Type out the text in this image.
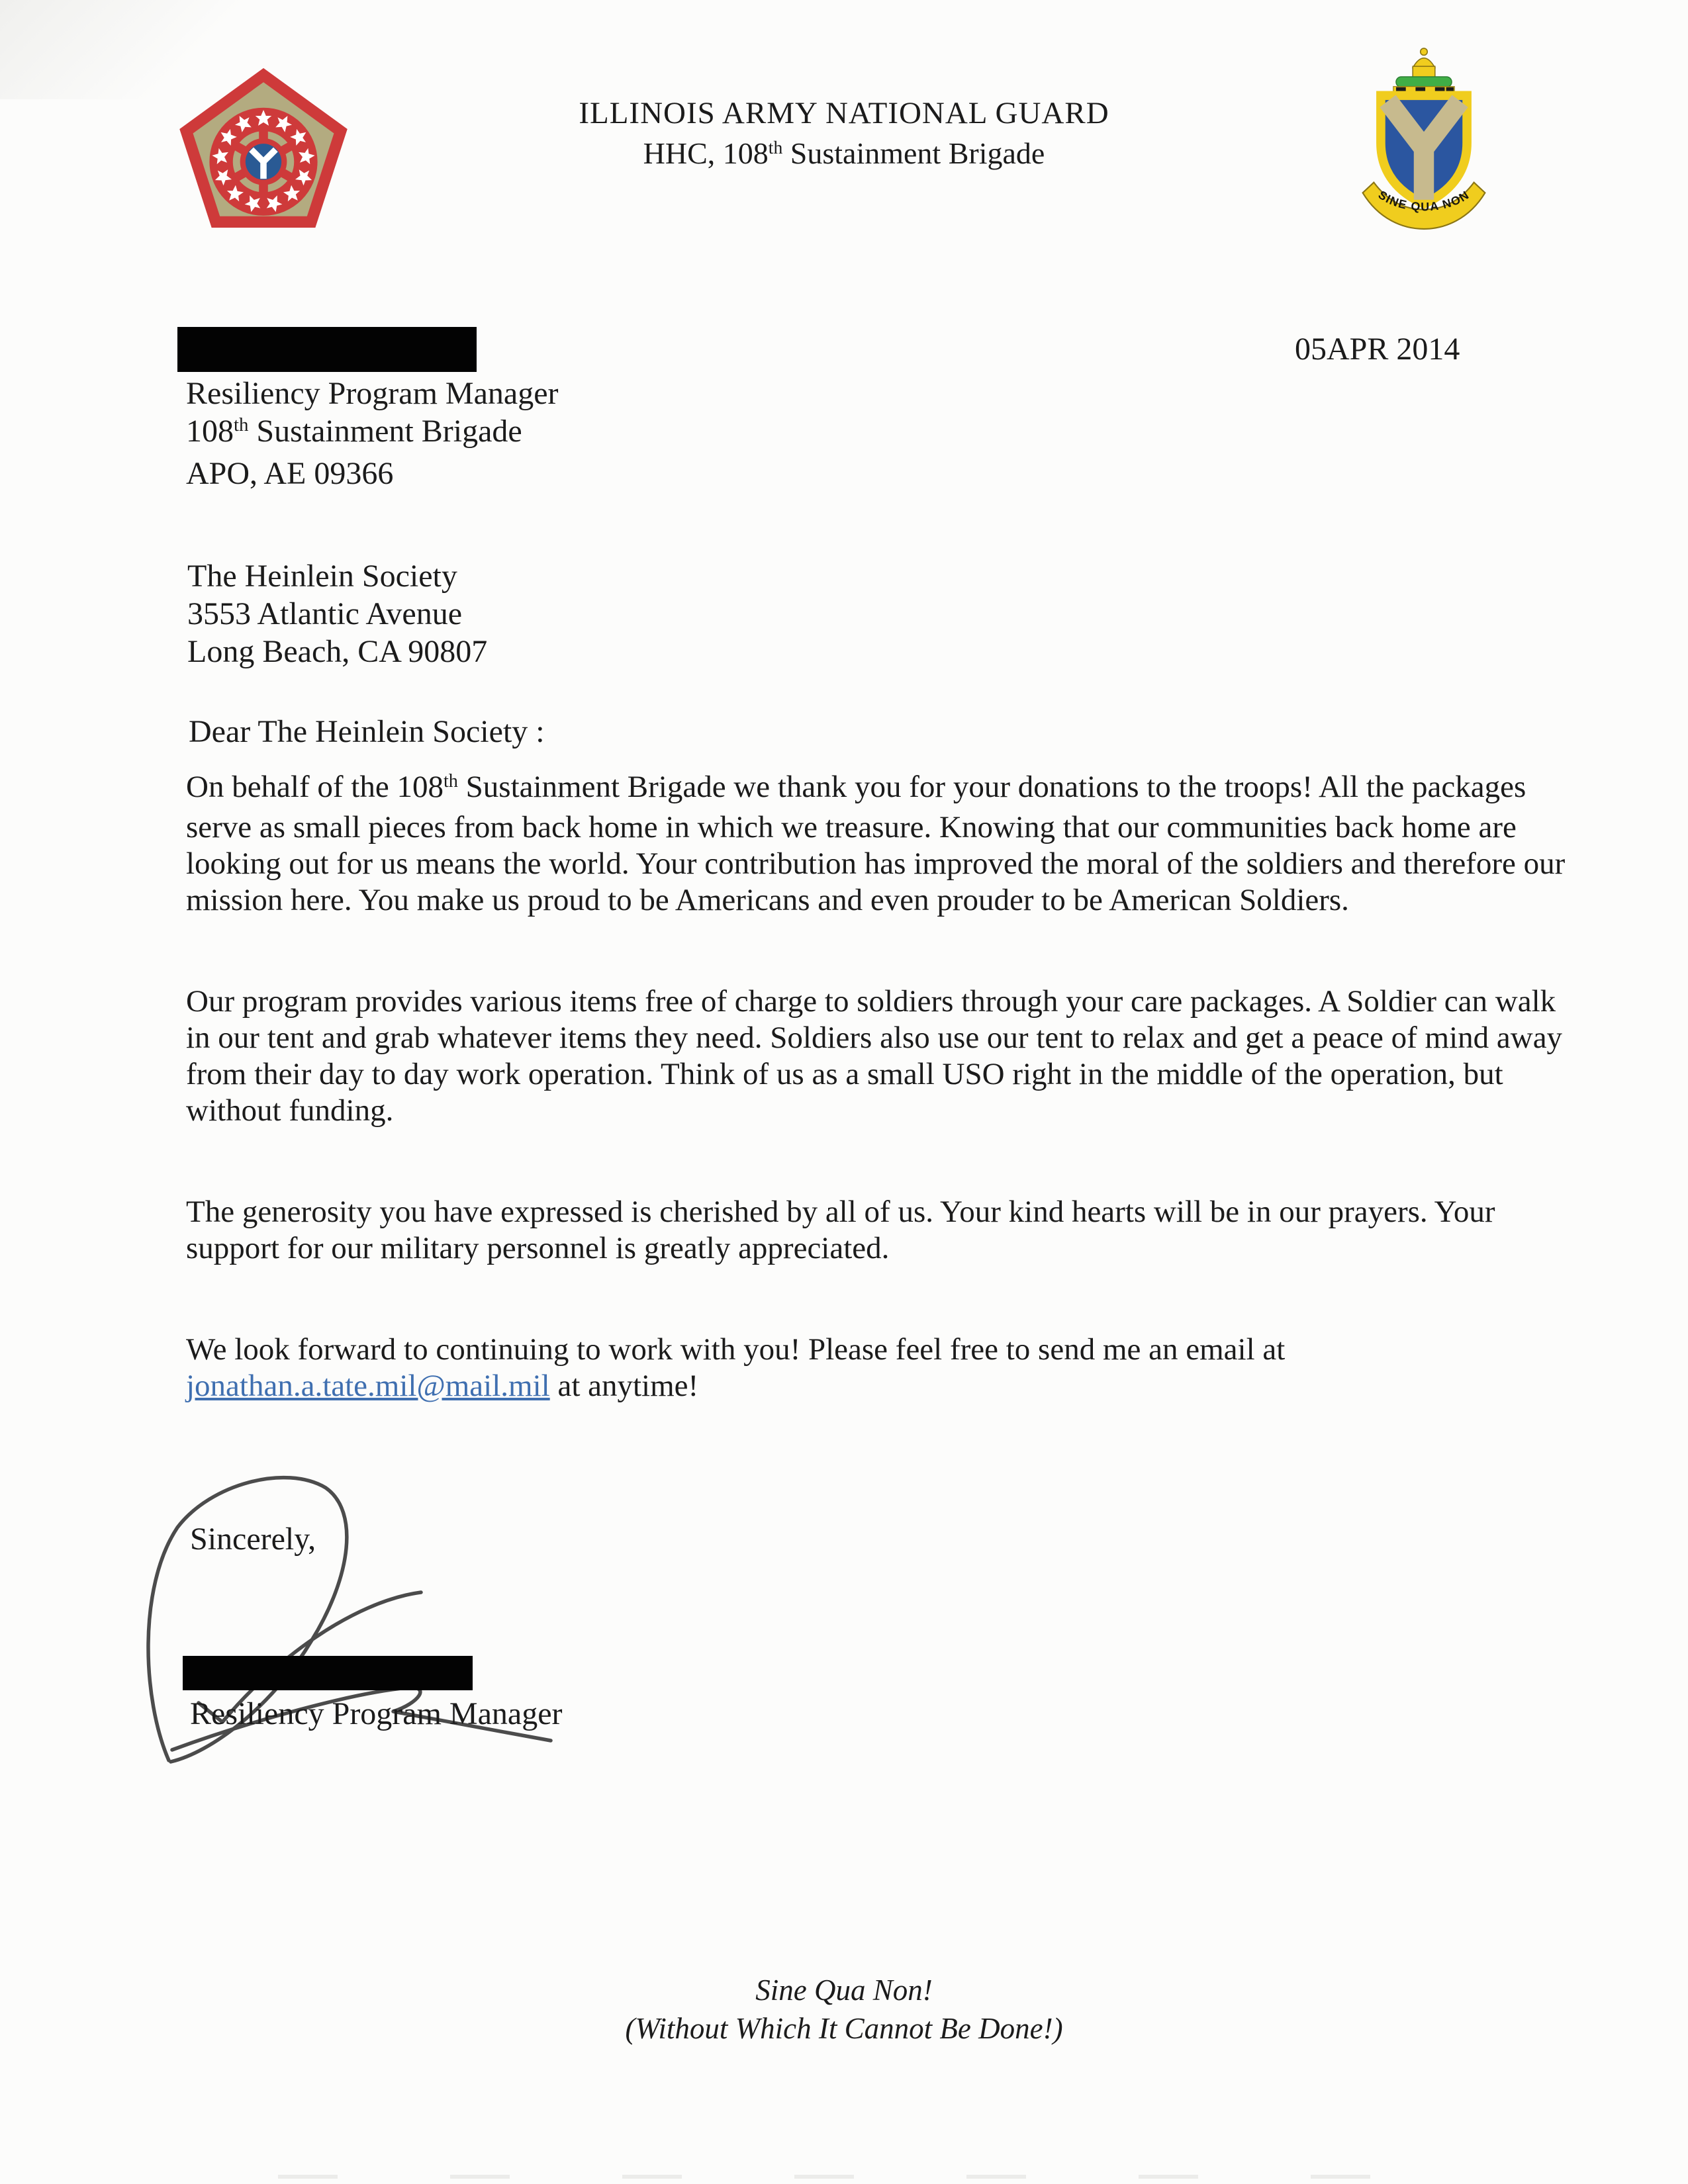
ILLINOIS ARMY NATIONAL GUARD
HHC, 108th Sustainment Brigade
SINE QUA NON
05APR 2014
Resiliency Program Manager
108th Sustainment Brigade
APO, AE 09366
The Heinlein Society
3553 Atlantic Avenue
Long Beach, CA 90807
Dear The Heinlein Society :

On behalf of the 108th Sustainment Brigade we thank you for your donations to the troops! All the packages serve as small pieces from back home in which we treasure. Knowing that our communities back home are looking out for us means the world. Your contribution has improved the moral of the soldiers and therefore our mission here. You make us proud to be Americans and even prouder to be American Soldiers.

Our program provides various items free of charge to soldiers through your care packages. A Soldier can walk in our tent and grab whatever items they need. Soldiers also use our tent to relax and get a peace of mind away from their day to day work operation. Think of us as a small USO right in the middle of the operation, but without funding.

The generosity you have expressed is cherished by all of us. Your kind hearts will be in our prayers. Your support for our military personnel is greatly appreciated.

We look forward to continuing to work with you! Please feel free to send me an email at jonathan.a.tate.mil@mail.mil at anytime!

Sincerely,
Resiliency Program Manager
Sine Qua Non!
(Without Which It Cannot Be Done!)
